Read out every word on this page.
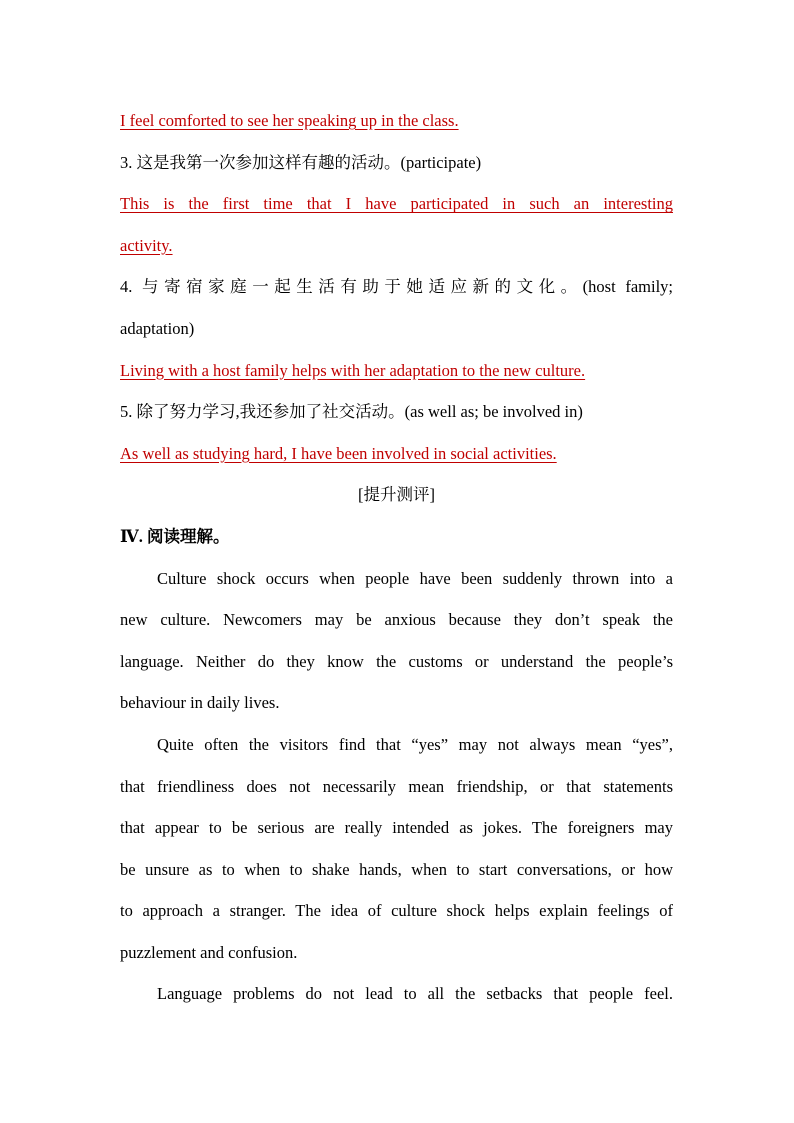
I feel comforted to see her speaking up in the class.
3. 这是我第一次参加这样有趣的活动。(participate)
This is the first time that I have participated in such an interesting
activity.
4. 与寄宿家庭一起生活有助于她适应新的文化。(host family;
adaptation)
Living with a host family helps with her adaptation to the new culture.
5. 除了努力学习,我还参加了社交活动。(as well as; be involved in)
As well as studying hard, I have been involved in social activities.
[提升测评]
Ⅳ. 阅读理解。
Culture shock occurs when people have been suddenly thrown into a
new culture. Newcomers may be anxious because they don’t speak the
language. Neither do they know the customs or understand the people’s
behaviour in daily lives.
Quite often the visitors find that “yes” may not always mean “yes”,
that friendliness does not necessarily mean friendship, or that statements
that appear to be serious are really intended as jokes. The foreigners may
be unsure as to when to shake hands, when to start conversations, or how
to approach a stranger. The idea of culture shock helps explain feelings of
puzzlement and confusion.
Language problems do not lead to all the setbacks that people feel.
